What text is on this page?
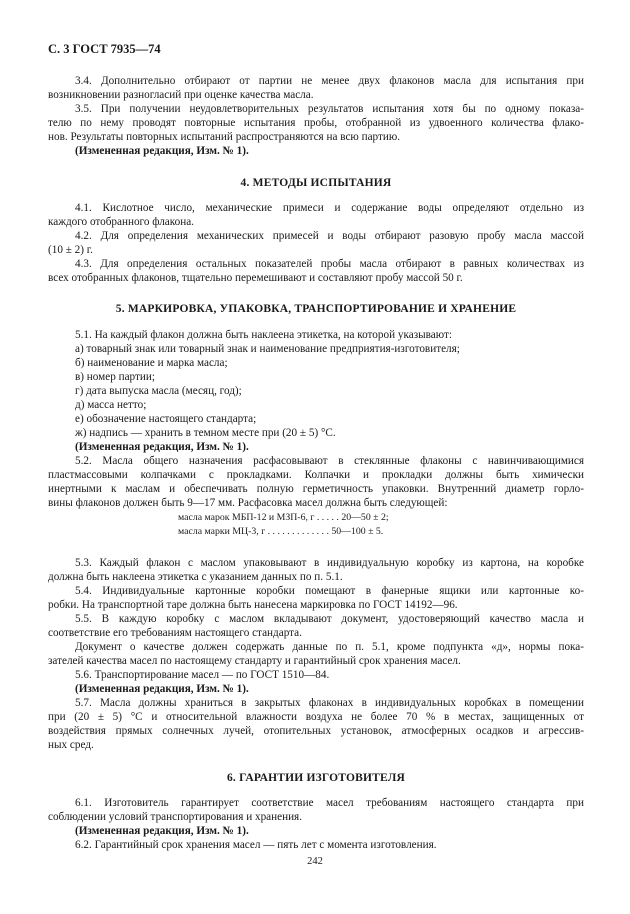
С. 3 ГОСТ 7935—74
3.4. Дополнительно отбирают от партии не менее двух флаконов масла для испытания при
возникновении разногласий при оценке качества масла.
3.5. При получении неудовлетворительных результатов испытания хотя бы по одному показа-
телю по нему проводят повторные испытания пробы, отобранной из удвоенного количества флако-
нов. Результаты повторных испытаний распространяются на всю партию.
(Измененная редакция, Изм. № 1).
4. МЕТОДЫ ИСПЫТАНИЯ
4.1. Кислотное число, механические примеси и содержание воды определяют отдельно из
каждого отобранного флакона.
4.2. Для определения механических примесей и воды отбирают разовую пробу масла массой
(10 ± 2) г.
4.3. Для определения остальных показателей пробы масла отбирают в равных количествах из
всех отобранных флаконов, тщательно перемешивают и составляют пробу массой 50 г.
5. МАРКИРОВКА, УПАКОВКА, ТРАНСПОРТИРОВАНИЕ И ХРАНЕНИЕ
5.1. На каждый флакон должна быть наклеена этикетка, на которой указывают:
а) товарный знак или товарный знак и наименование предприятия-изготовителя;
б) наименование и марка масла;
в) номер партии;
г) дата выпуска масла (месяц, год);
д) масса нетто;
е) обозначение настоящего стандарта;
ж) надпись — хранить в темном месте при (20 ± 5) °С.
(Измененная редакция, Изм. № 1).
5.2. Масла общего назначения расфасовывают в стеклянные флаконы с навинчивающимися
пластмассовыми колпачками с прокладками. Колпачки и прокладки должны быть химически
инертными к маслам и обеспечивать полную герметичность упаковки. Внутренний диаметр горло-
вины флаконов должен быть 9—17 мм. Расфасовка масел должна быть следующей:
масла марок МБП-12 и МЗП-6, г . . . . . 20—50 ± 2;
масла марки МЦ-3, г . . . . . . . . . . . . . 50—100 ± 5.
5.3. Каждый флакон с маслом упаковывают в индивидуальную коробку из картона, на коробке
должна быть наклеена этикетка с указанием данных по п. 5.1.
5.4. Индивидуальные картонные коробки помещают в фанерные ящики или картонные ко-
робки. На транспортной таре должна быть нанесена маркировка по ГОСТ 14192—96.
5.5. В каждую коробку с маслом вкладывают документ, удостоверяющий качество масла и
соответствие его требованиям настоящего стандарта.
Документ о качестве должен содержать данные по п. 5.1, кроме подпункта «д», нормы пока-
зателей качества масел по настоящему стандарту и гарантийный срок хранения масел.
5.6. Транспортирование масел — по ГОСТ 1510—84.
(Измененная редакция, Изм. № 1).
5.7. Масла должны храниться в закрытых флаконах в индивидуальных коробках в помещении
при (20 ± 5) °С и относительной влажности воздуха не более 70 % в местах, защищенных от
воздействия прямых солнечных лучей, отопительных установок, атмосферных осадков и агрессив-
ных сред.
6. ГАРАНТИИ ИЗГОТОВИТЕЛЯ
6.1. Изготовитель гарантирует соответствие масел требованиям настоящего стандарта при
соблюдении условий транспортирования и хранения.
(Измененная редакция, Изм. № 1).
6.2. Гарантийный срок хранения масел — пять лет с момента изготовления.
242
